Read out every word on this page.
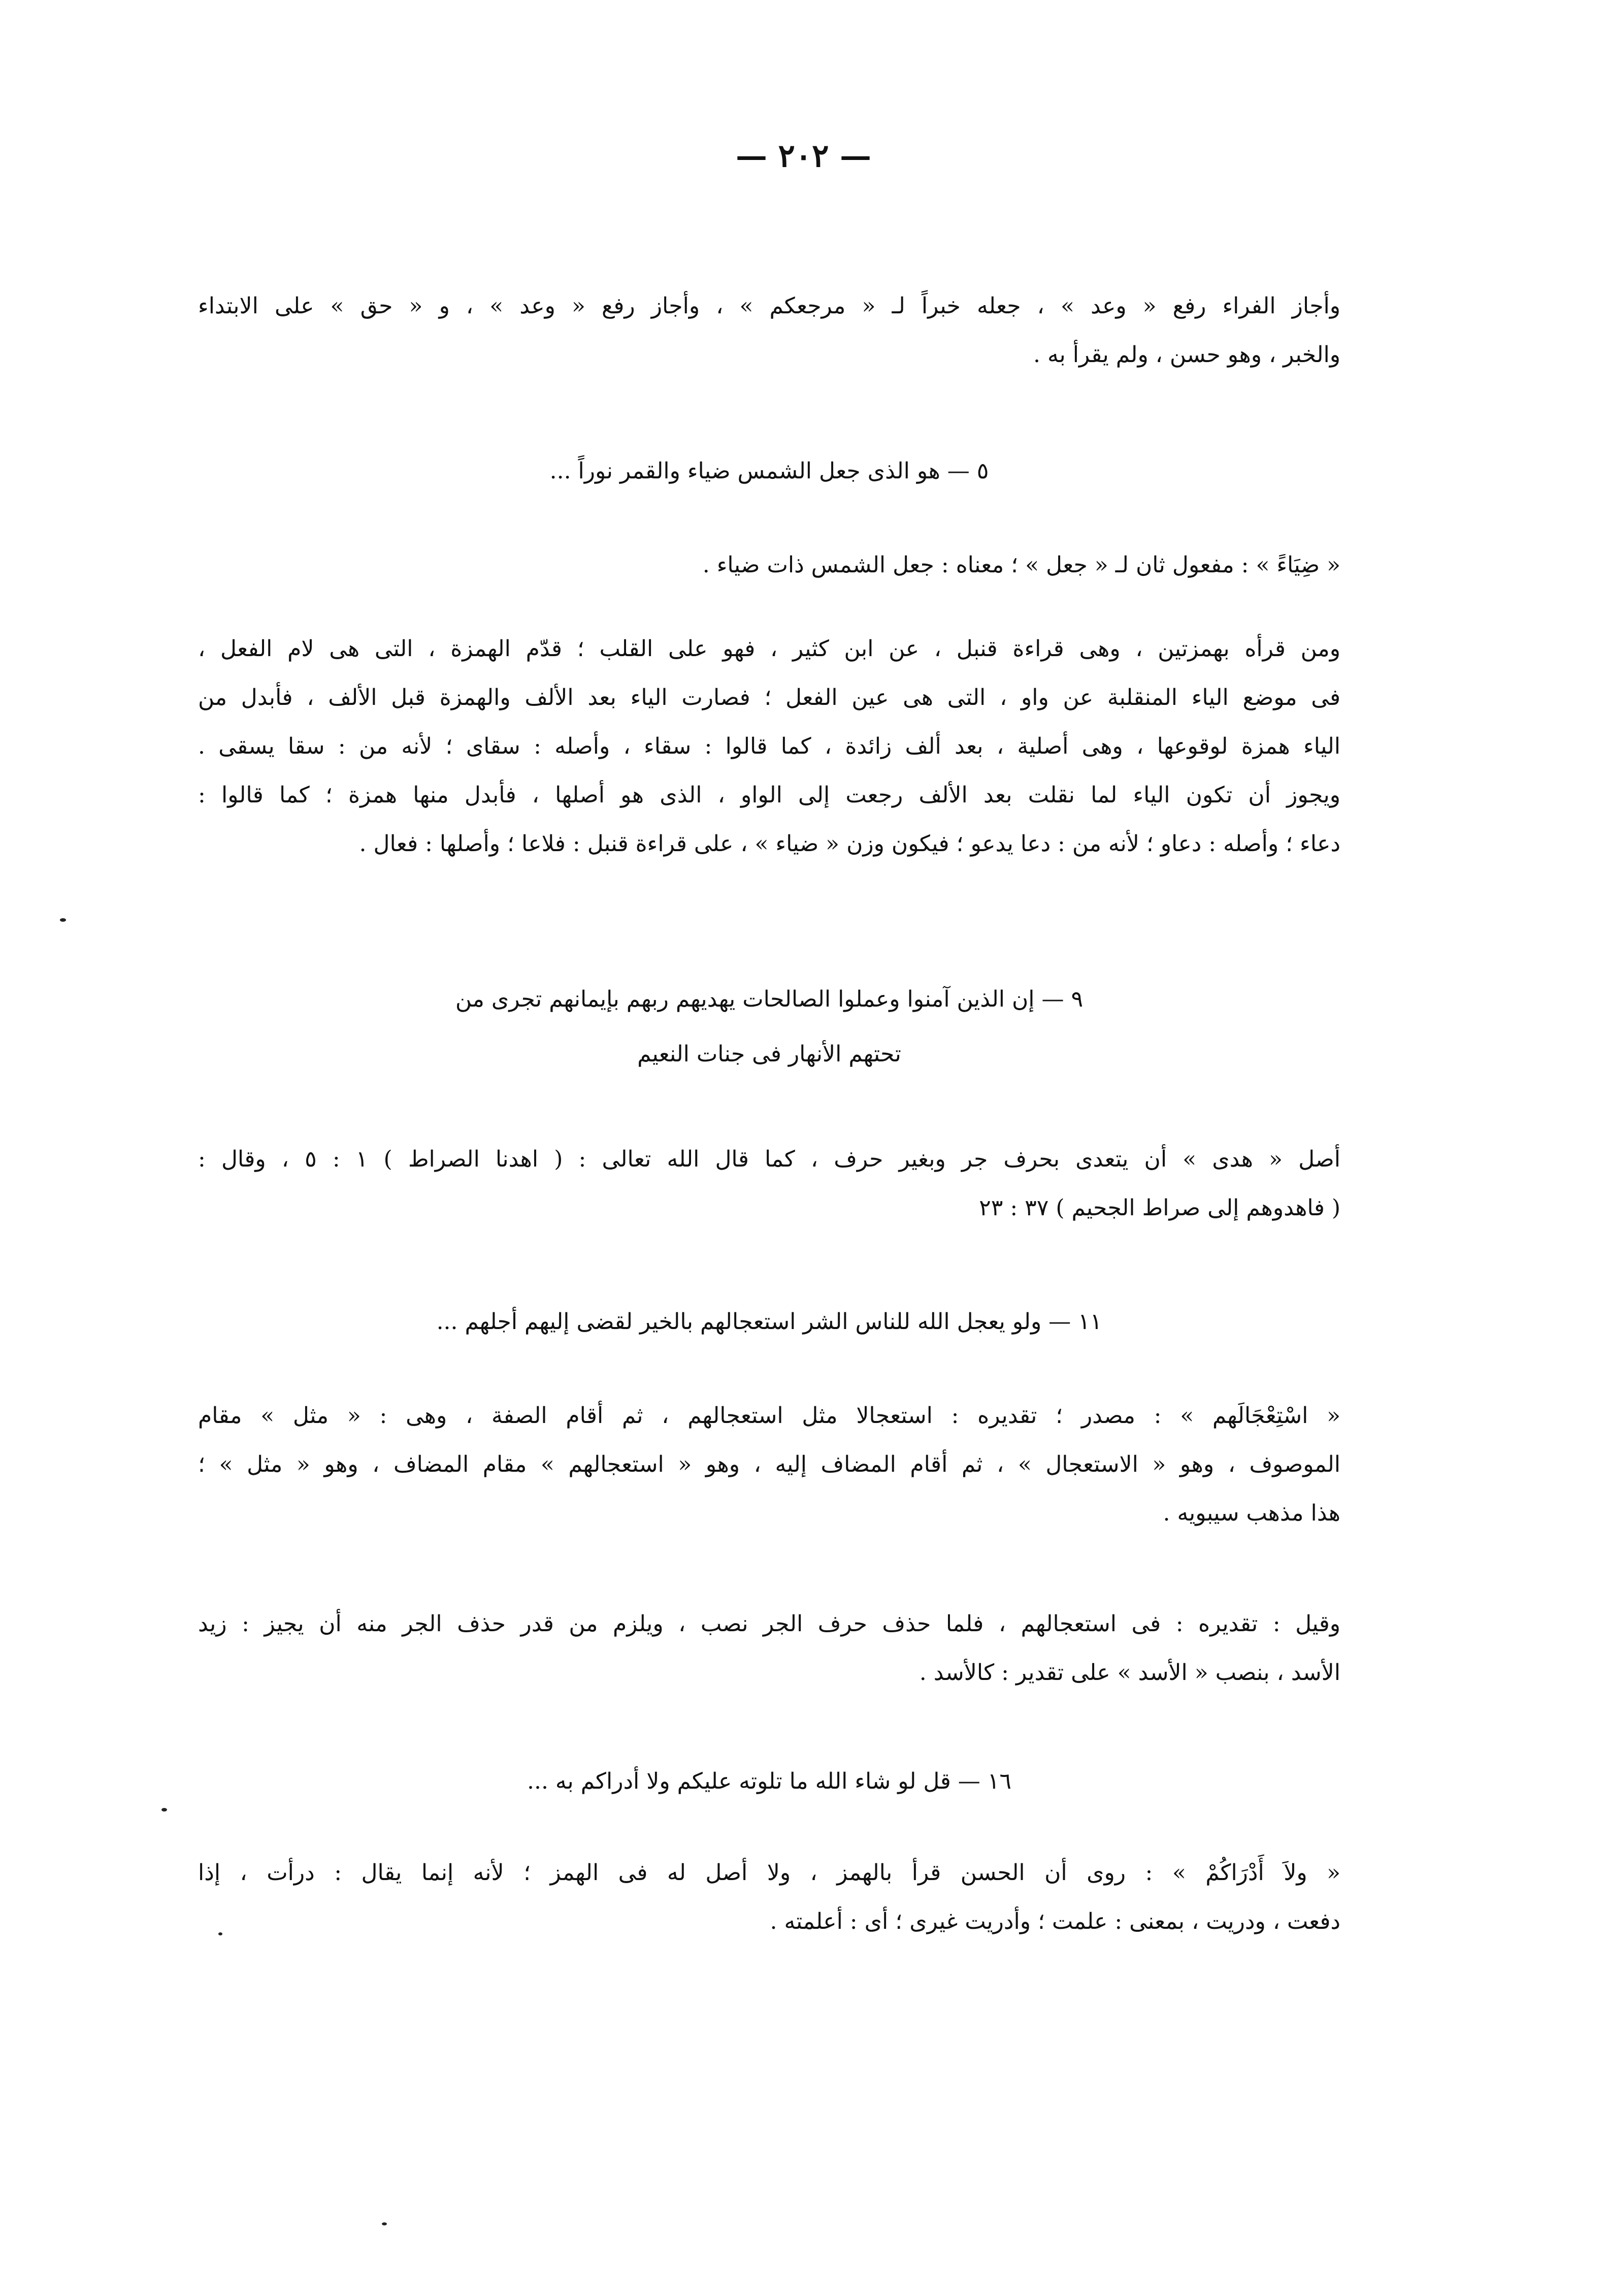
— ٢٠٢ —
وأجاز الفراء رفع « وعد » ، جعله خبراً لـ « مرجعكم » ، وأجاز رفع « وعد » ، و « حق » على الابتداء
والخبر ، وهو حسن ، ولم يقرأ به .
٥ — هو الذى جعل الشمس ضياء والقمر نوراً ...
« ضِيَاءً » : مفعول ثان لـ « جعل » ؛ معناه : جعل الشمس ذات ضياء .
ومن قرأه بهمزتين ، وهى قراءة قنبل ، عن ابن كثير ، فهو على القلب ؛ قدّم الهمزة ، التى هى لام الفعل ،
فى موضع الياء المنقلبة عن واو ، التى هى عين الفعل ؛ فصارت الياء بعد الألف والهمزة قبل الألف ، فأبدل من
الياء همزة لوقوعها ، وهى أصلية ، بعد ألف زائدة ، كما قالوا : سقاء ، وأصله : سقاى ؛ لأنه من : سقا يسقى .
ويجوز أن تكون الياء لما نقلت بعد الألف رجعت إلى الواو ، الذى هو أصلها ، فأبدل منها همزة ؛ كما قالوا :
دعاء ؛ وأصله : دعاو ؛ لأنه من : دعا يدعو ؛ فيكون وزن « ضياء » ، على قراءة قنبل : فلاعا ؛ وأصلها : فعال .
٩ — إن الذين آمنوا وعملوا الصالحات يهديهم ربهم بإيمانهم تجرى من
تحتهم الأنهار فى جنات النعيم
أصل « هدى » أن يتعدى بحرف جر وبغير حرف ، كما قال الله تعالى : ( اهدنا الصراط ) ١ : ٥ ، وقال :
( فاهدوهم إلى صراط الجحيم ) ٣٧ : ٢٣
١١ — ولو يعجل الله للناس الشر استعجالهم بالخير لقضى إليهم أجلهم ...
« اسْتِعْجَالَهم » : مصدر ؛ تقديره : استعجالا مثل استعجالهم ، ثم أقام الصفة ، وهى : « مثل » مقام
الموصوف ، وهو « الاستعجال » ، ثم أقام المضاف إليه ، وهو « استعجالهم » مقام المضاف ، وهو « مثل » ؛
هذا مذهب سيبويه .
وقيل : تقديره : فى استعجالهم ، فلما حذف حرف الجر نصب ، ويلزم من قدر حذف الجر منه أن يجيز : زيد
الأسد ، بنصب « الأسد » على تقدير : كالأسد .
١٦ — قل لو شاء الله ما تلوته عليكم ولا أدراكم به ...
« ولاَ أَدْرَاكُمْ » : روى أن الحسن قرأ بالهمز ، ولا أصل له فى الهمز ؛ لأنه إنما يقال : درأت ، إذا
دفعت ، ودريت ، بمعنى : علمت ؛ وأدريت غيرى ؛ أى : أعلمته .
